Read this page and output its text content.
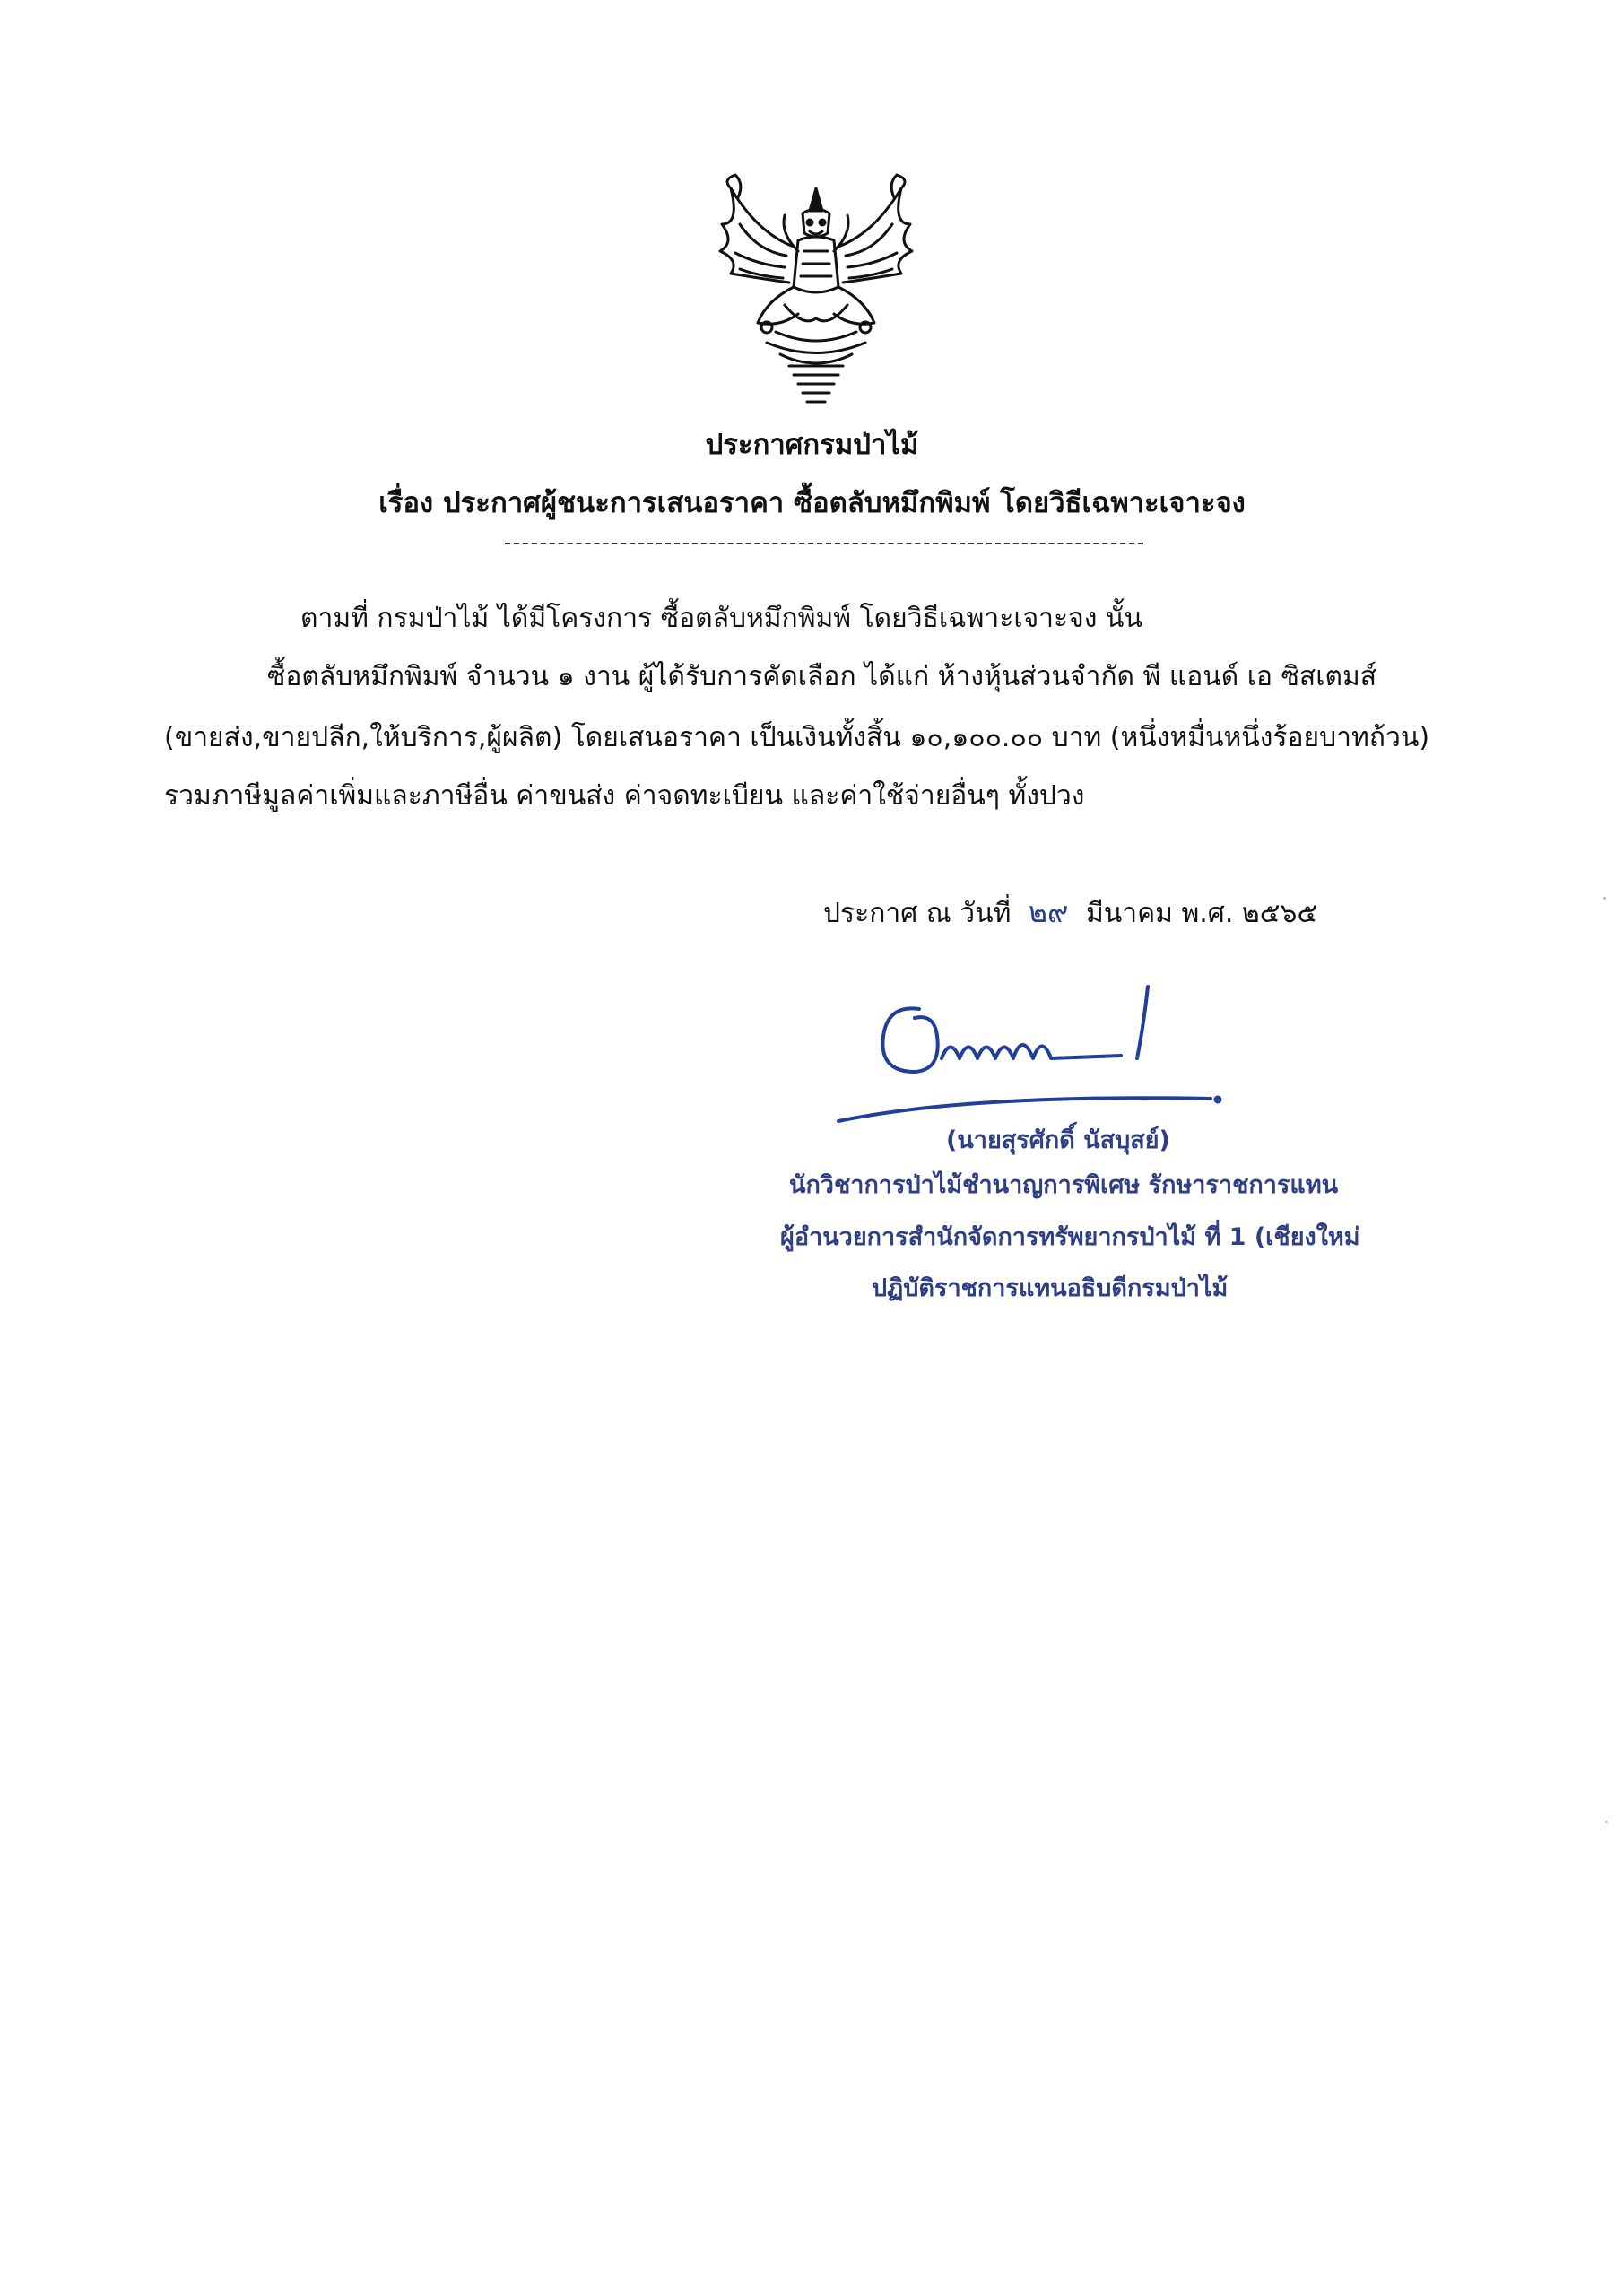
ประกาศกรมป่าไม้
เรื่อง ประกาศผู้ชนะการเสนอราคา ซื้อตลับหมึกพิมพ์ โดยวิธีเฉพาะเจาะจง
ตามที่ กรมป่าไม้ ได้มีโครงการ ซื้อตลับหมึกพิมพ์ โดยวิธีเฉพาะเจาะจง นั้น
ซื้อตลับหมึกพิมพ์ จำนวน ๑ งาน ผู้ได้รับการคัดเลือก ได้แก่ ห้างหุ้นส่วนจำกัด พี แอนด์ เอ ซิสเตมส์
(ขายส่ง,ขายปลีก,ให้บริการ,ผู้ผลิต) โดยเสนอราคา เป็นเงินทั้งสิ้น ๑๐,๑๐๐.๐๐ บาท (หนึ่งหมื่นหนึ่งร้อยบาทถ้วน)
รวมภาษีมูลค่าเพิ่มและภาษีอื่น ค่าขนส่ง ค่าจดทะเบียน และค่าใช้จ่ายอื่นๆ ทั้งปวง
ประกาศ ณ วันที่ ๒๙ มีนาคม พ.ศ. ๒๕๖๕
(นายสุรศักดิ์ นัสบุสย์)
นักวิชาการป่าไม้ชำนาญการพิเศษ รักษาราชการแทน
ผู้อำนวยการสำนักจัดการทรัพยากรป่าไม้ ที่ 1 (เชียงใหม่
ปฏิบัติราชการแทนอธิบดีกรมป่าไม้
